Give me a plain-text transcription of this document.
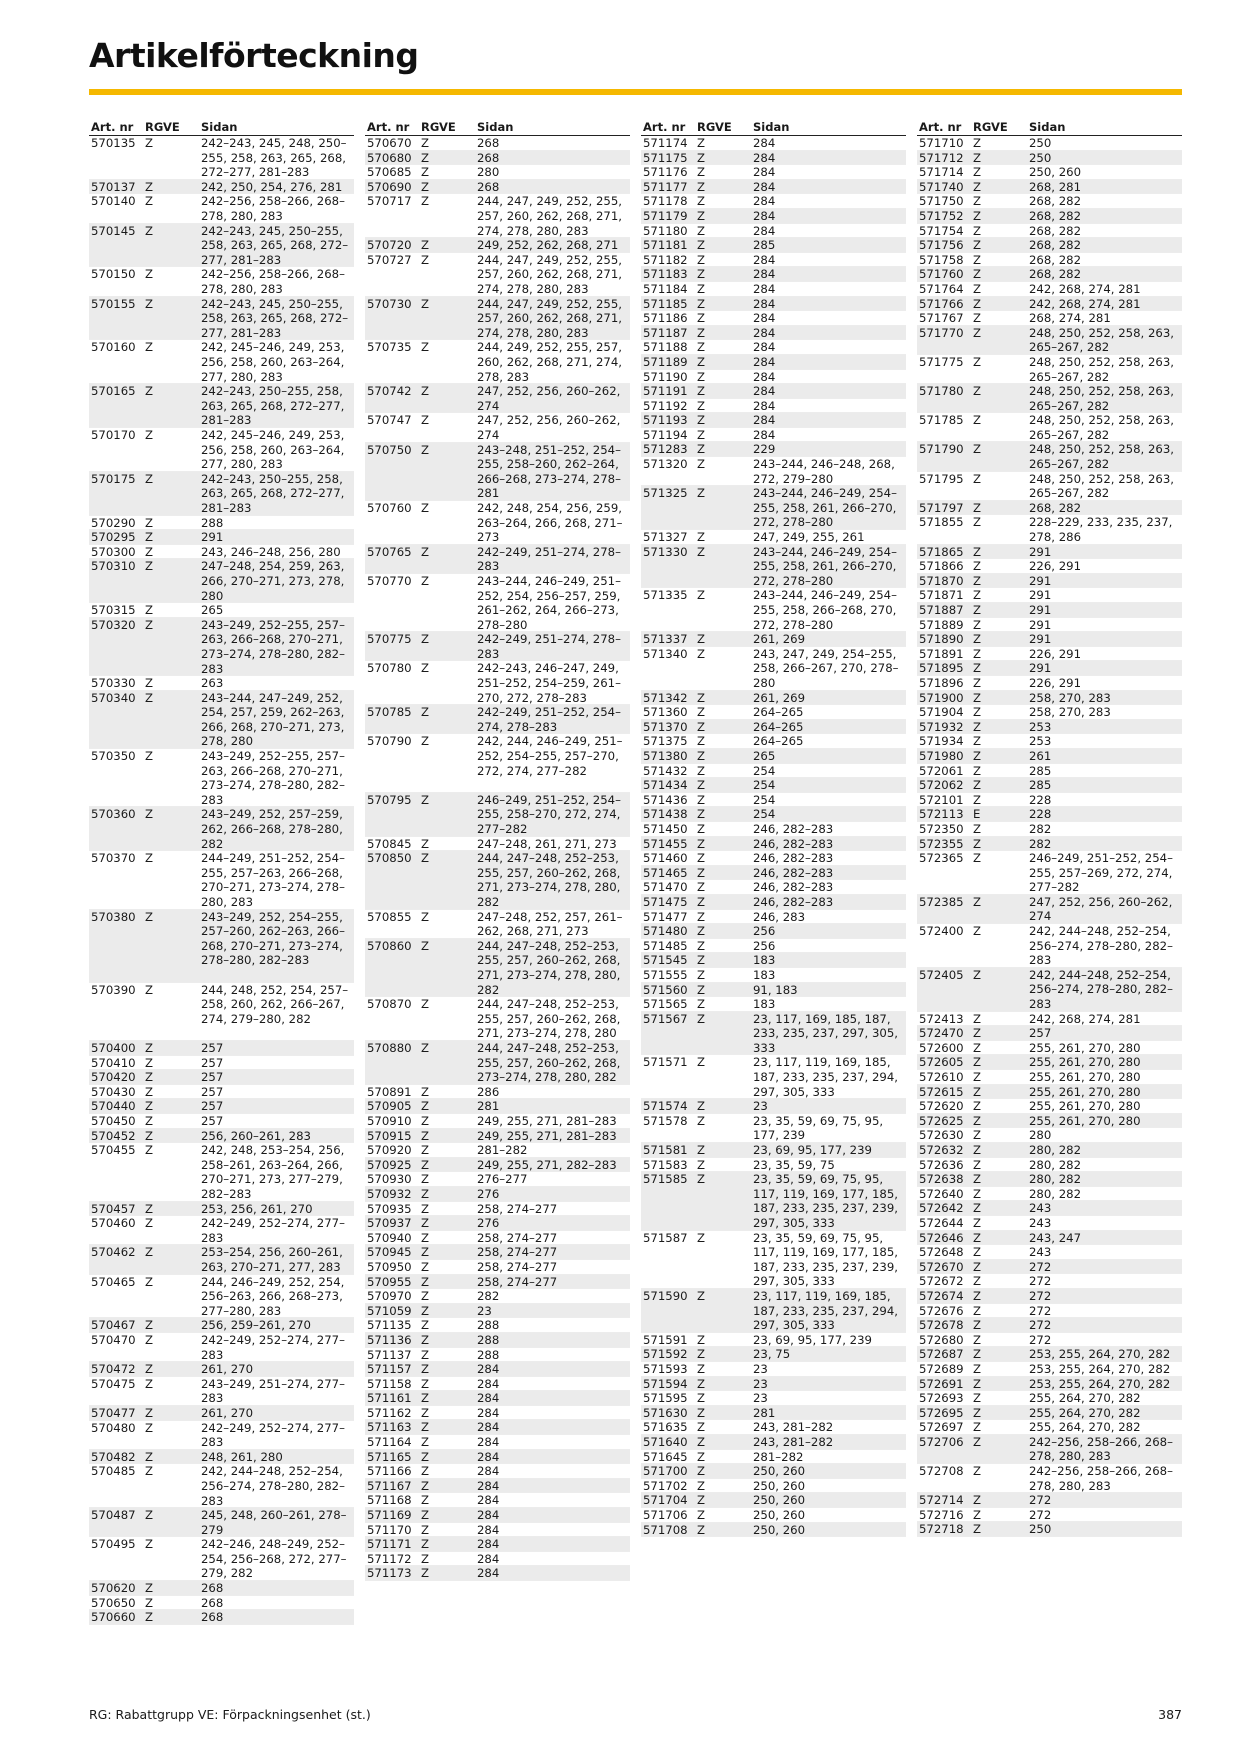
Artikelförteckning
Art. nr	RG VE	Sidan
570135 Z	242–243, 245, 248, 250–255, 258, 263, 265, 268, 272–277, 281–283
570137 Z	242, 250, 254, 276, 281
570140 Z	242–256, 258–266, 268–278, 280, 283
570145 Z	242–243, 245, 250–255, 258, 263, 265, 268, 272–277, 281–283
570150 Z	242–256, 258–266, 268–278, 280, 283
570155 Z	242–243, 245, 250–255, 258, 263, 265, 268, 272–277, 281–283
570160 Z	242, 245–246, 249, 253, 256, 258, 260, 263–264, 277, 280, 283
570165 Z	242–243, 250–255, 258, 263, 265, 268, 272–277, 281–283
570170 Z	242, 245–246, 249, 253, 256, 258, 260, 263–264, 277, 280, 283
570175 Z	242–243, 250–255, 258, 263, 265, 268, 272–277, 281–283
570290 Z	288
570295 Z	291
570300 Z	243, 246–248, 256, 280
570310 Z	247–248, 254, 259, 263, 266, 270–271, 273, 278, 280
570315 Z	265
570320 Z	243–249, 252–255, 257–263, 266–268, 270–271, 273–274, 278–280, 282–283
570330 Z	263
570340 Z	243–244, 247–249, 252, 254, 257, 259, 262–263, 266, 268, 270–271, 273, 278, 280
570350 Z	243–249, 252–255, 257–263, 266–268, 270–271, 273–274, 278–280, 282–283
570360 Z	243–249, 252, 257–259, 262, 266–268, 278–280, 282
570370 Z	244–249, 251–252, 254–255, 257–263, 266–268, 270–271, 273–274, 278–280, 283
570380 Z	243–249, 252, 254–255, 257–260, 262–263, 266–268, 270–271, 273–274, 278–280, 282–283
570390 Z	244, 248, 252, 254, 257–258, 260, 262, 266–267, 274, 279–280, 282
570400 Z	257
570410 Z	257
570420 Z	257
570430 Z	257
570440 Z	257
570450 Z	257
570452 Z	256, 260–261, 283
570455 Z	242, 248, 253–254, 256, 258–261, 263–264, 266, 270–271, 273, 277–279, 282–283
570457 Z	253, 256, 261, 270
570460 Z	242–249, 252–274, 277–283
570462 Z	253–254, 256, 260–261, 263, 270–271, 277, 283
570465 Z	244, 246–249, 252, 254, 256–263, 266, 268–273, 277–280, 283
570467 Z	256, 259–261, 270
570470 Z	242–249, 252–274, 277–283
570472 Z	261, 270
570475 Z	243–249, 251–274, 277–283
570477 Z	261, 270
570480 Z	242–249, 252–274, 277–283
570482 Z	248, 261, 280
570485 Z	242, 244–248, 252–254, 256–274, 278–280, 282–283
570487 Z	245, 248, 260–261, 278–279
570495 Z	242–246, 248–249, 252–254, 256–268, 272, 277–279, 282
570620 Z	268
570650 Z	268
570660 Z	268
Art. nr	RG VE	Sidan
570670 Z	268
570680 Z	268
570685 Z	280
570690 Z	268
570717 Z	244, 247, 249, 252, 255, 257, 260, 262, 268, 271, 274, 278, 280, 283
570720 Z	249, 252, 262, 268, 271
570727 Z	244, 247, 249, 252, 255, 257, 260, 262, 268, 271, 274, 278, 280, 283
570730 Z	244, 247, 249, 252, 255, 257, 260, 262, 268, 271, 274, 278, 280, 283
570735 Z	244, 249, 252, 255, 257, 260, 262, 268, 271, 274, 278, 283
570742 Z	247, 252, 256, 260–262, 274
570747 Z	247, 252, 256, 260–262, 274
570750 Z	243–248, 251–252, 254–255, 258–260, 262–264, 266–268, 273–274, 278–281
570760 Z	242, 248, 254, 256, 259, 263–264, 266, 268, 271–273
570765 Z	242–249, 251–274, 278–283
570770 Z	243–244, 246–249, 251–252, 254, 256–257, 259, 261–262, 264, 266–273, 278–280
570775 Z	242–249, 251–274, 278–283
570780 Z	242–243, 246–247, 249, 251–252, 254–259, 261–270, 272, 278–283
570785 Z	242–249, 251–252, 254–274, 278–283
570790 Z	242, 244, 246–249, 251–252, 254–255, 257–270, 272, 274, 277–282
570795 Z	246–249, 251–252, 254–255, 258–270, 272, 274, 277–282
570845 Z	247–248, 261, 271, 273
570850 Z	244, 247–248, 252–253, 255, 257, 260–262, 268, 271, 273–274, 278, 280, 282
570855 Z	247–248, 252, 257, 261–262, 268, 271, 273
570860 Z	244, 247–248, 252–253, 255, 257, 260–262, 268, 271, 273–274, 278, 280, 282
570870 Z	244, 247–248, 252–253, 255, 257, 260–262, 268, 271, 273–274, 278, 280
570880 Z	244, 247–248, 252–253, 255, 257, 260–262, 268, 273–274, 278, 280, 282
570891 Z	286
570905 Z	281
570910 Z	249, 255, 271, 281–283
570915 Z	249, 255, 271, 281–283
570920 Z	281–282
570925 Z	249, 255, 271, 282–283
570930 Z	276–277
570932 Z	276
570935 Z	258, 274–277
570937 Z	276
570940 Z	258, 274–277
570945 Z	258, 274–277
570950 Z	258, 274–277
570955 Z	258, 274–277
570970 Z	282
571059 Z	23
571135 Z	288
571136 Z	288
571137 Z	288
571157 Z	284
571158 Z	284
571161 Z	284
571162 Z	284
571163 Z	284
571164 Z	284
571165 Z	284
571166 Z	284
571167 Z	284
571168 Z	284
571169 Z	284
571170 Z	284
571171 Z	284
571172 Z	284
571173 Z	284
Art. nr	RG VE	Sidan
571174 Z	284
571175 Z	284
571176 Z	284
571177 Z	284
571178 Z	284
571179 Z	284
571180 Z	284
571181 Z	285
571182 Z	284
571183 Z	284
571184 Z	284
571185 Z	284
571186 Z	284
571187 Z	284
571188 Z	284
571189 Z	284
571190 Z	284
571191 Z	284
571192 Z	284
571193 Z	284
571194 Z	284
571283 Z	229
571320 Z	243–244, 246–248, 268, 272, 279–280
571325 Z	243–244, 246–249, 254–255, 258, 261, 266–270, 272, 278–280
571327 Z	247, 249, 255, 261
571330 Z	243–244, 246–249, 254–255, 258, 261, 266–270, 272, 278–280
571335 Z	243–244, 246–249, 254–255, 258, 266–268, 270, 272, 278–280
571337 Z	261, 269
571340 Z	243, 247, 249, 254–255, 258, 266–267, 270, 278–280
571342 Z	261, 269
571360 Z	264–265
571370 Z	264–265
571375 Z	264–265
571380 Z	265
571432 Z	254
571434 Z	254
571436 Z	254
571438 Z	254
571450 Z	246, 282–283
571455 Z	246, 282–283
571460 Z	246, 282–283
571465 Z	246, 282–283
571470 Z	246, 282–283
571475 Z	246, 282–283
571477 Z	246, 283
571480 Z	256
571485 Z	256
571545 Z	183
571555 Z	183
571560 Z	91, 183
571565 Z	183
571567 Z	23, 117, 169, 185, 187, 233, 235, 237, 297, 305, 333
571571 Z	23, 117, 119, 169, 185, 187, 233, 235, 237, 294, 297, 305, 333
571574 Z	23
571578 Z	23, 35, 59, 69, 75, 95, 177, 239
571581 Z	23, 69, 95, 177, 239
571583 Z	23, 35, 59, 75
571585 Z	23, 35, 59, 69, 75, 95, 117, 119, 169, 177, 185, 187, 233, 235, 237, 239, 297, 305, 333
571587 Z	23, 35, 59, 69, 75, 95, 117, 119, 169, 177, 185, 187, 233, 235, 237, 239, 297, 305, 333
571590 Z	23, 117, 119, 169, 185, 187, 233, 235, 237, 294, 297, 305, 333
571591 Z	23, 69, 95, 177, 239
571592 Z	23, 75
571593 Z	23
571594 Z	23
571595 Z	23
571630 Z	281
571635 Z	243, 281–282
571640 Z	243, 281–282
571645 Z	281–282
571700 Z	250, 260
571702 Z	250, 260
571704 Z	250, 260
571706 Z	250, 260
571708 Z	250, 260
Art. nr	RG VE	Sidan
571710 Z	250
571712 Z	250
571714 Z	250, 260
571740 Z	268, 281
571750 Z	268, 282
571752 Z	268, 282
571754 Z	268, 282
571756 Z	268, 282
571758 Z	268, 282
571760 Z	268, 282
571764 Z	242, 268, 274, 281
571766 Z	242, 268, 274, 281
571767 Z	268, 274, 281
571770 Z	248, 250, 252, 258, 263, 265–267, 282
571775 Z	248, 250, 252, 258, 263, 265–267, 282
571780 Z	248, 250, 252, 258, 263, 265–267, 282
571785 Z	248, 250, 252, 258, 263, 265–267, 282
571790 Z	248, 250, 252, 258, 263, 265–267, 282
571795 Z	248, 250, 252, 258, 263, 265–267, 282
571797 Z	268, 282
571855 Z	228–229, 233, 235, 237, 278, 286
571865 Z	291
571866 Z	226, 291
571870 Z	291
571871 Z	291
571887 Z	291
571889 Z	291
571890 Z	291
571891 Z	226, 291
571895 Z	291
571896 Z	226, 291
571900 Z	258, 270, 283
571904 Z	258, 270, 283
571932 Z	253
571934 Z	253
571980 Z	261
572061 Z	285
572062 Z	285
572101 Z	228
572113 E	228
572350 Z	282
572355 Z	282
572365 Z	246–249, 251–252, 254–255, 257–269, 272, 274, 277–282
572385 Z	247, 252, 256, 260–262, 274
572400 Z	242, 244–248, 252–254, 256–274, 278–280, 282–283
572405 Z	242, 244–248, 252–254, 256–274, 278–280, 282–283
572413 Z	242, 268, 274, 281
572470 Z	257
572600 Z	255, 261, 270, 280
572605 Z	255, 261, 270, 280
572610 Z	255, 261, 270, 280
572615 Z	255, 261, 270, 280
572620 Z	255, 261, 270, 280
572625 Z	255, 261, 270, 280
572630 Z	280
572632 Z	280, 282
572636 Z	280, 282
572638 Z	280, 282
572640 Z	280, 282
572642 Z	243
572644 Z	243
572646 Z	243, 247
572648 Z	243
572670 Z	272
572672 Z	272
572674 Z	272
572676 Z	272
572678 Z	272
572680 Z	272
572687 Z	253, 255, 264, 270, 282
572689 Z	253, 255, 264, 270, 282
572691 Z	253, 255, 264, 270, 282
572693 Z	255, 264, 270, 282
572695 Z	255, 264, 270, 282
572697 Z	255, 264, 270, 282
572706 Z	242–256, 258–266, 268–278, 280, 283
572708 Z	242–256, 258–266, 268–278, 280, 283
572714 Z	272
572716 Z	272
572718 Z	250
RG: Rabattgrupp VE: Förpackningsenhet (st.)	387
